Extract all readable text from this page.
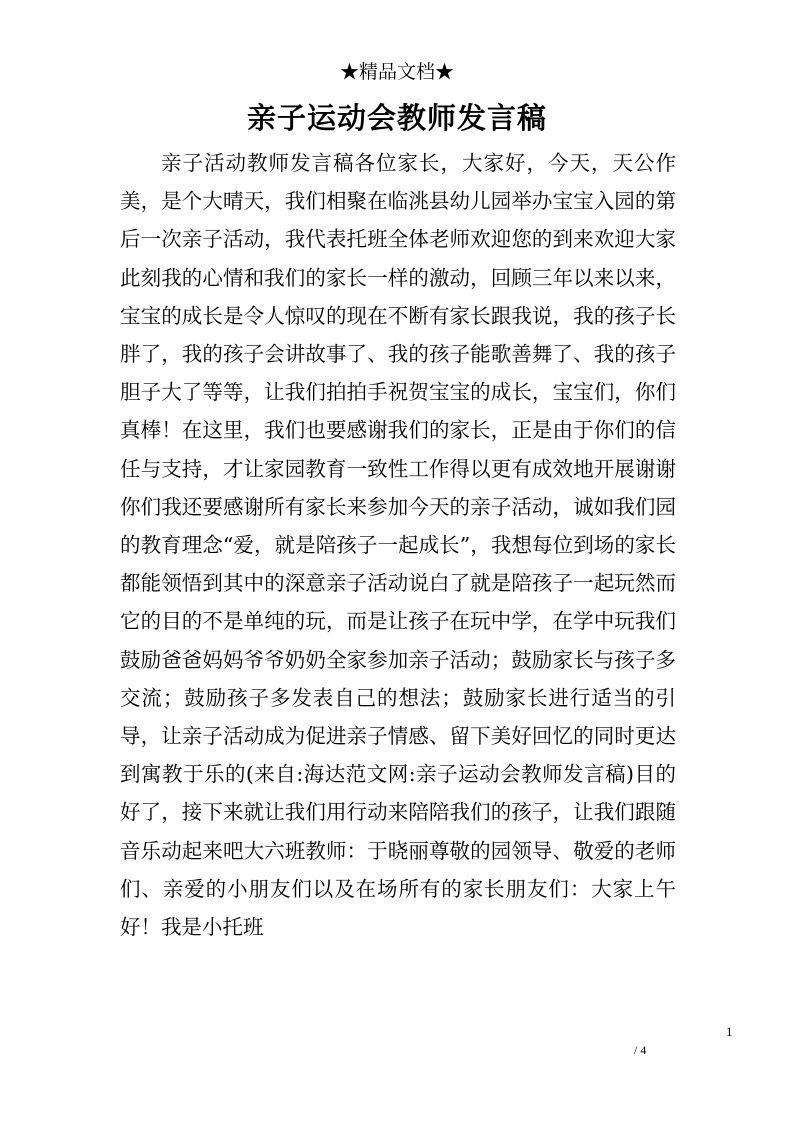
★精品文档★
亲子运动会教师发言稿

亲子活动教师发言稿各位家长，大家好，今天，天公作美，是个大晴天，我们相聚在临洮县幼儿园举办宝宝入园的第后一次亲子活动，我代表托班全体老师欢迎您的到来欢迎大家此刻我的心情和我们的家长一样的激动，回顾三年以来以来，宝宝的成长是令人惊叹的现在不断有家长跟我说，我的孩子长胖了，我的孩子会讲故事了、我的孩子能歌善舞了、我的孩子胆子大了等等，让我们拍拍手祝贺宝宝的成长，宝宝们，你们真棒！在这里，我们也要感谢我们的家长，正是由于你们的信任与支持，才让家园教育一致性工作得以更有成效地开展谢谢你们我还要感谢所有家长来参加今天的亲子活动，诚如我们园的教育理念“爱，就是陪孩子一起成长”，我想每位到场的家长都能领悟到其中的深意亲子活动说白了就是陪孩子一起玩然而它的目的不是单纯的玩，而是让孩子在玩中学，在学中玩我们鼓励爸爸妈妈爷爷奶奶全家参加亲子活动；鼓励家长与孩子多交流；鼓励孩子多发表自己的想法；鼓励家长进行适当的引导，让亲子活动成为促进亲子情感、留下美好回忆的同时更达到寓教于乐的(来自:海达范文网:亲子运动会教师发言稿)目的好了，接下来就让我们用行动来陪陪我们的孩子，让我们跟随音乐动起来吧大六班教师：于晓丽尊敬的园领导、敬爱的老师们、亲爱的小朋友们以及在场所有的家长朋友们：大家上午好！我是小托班

1
/ 4
